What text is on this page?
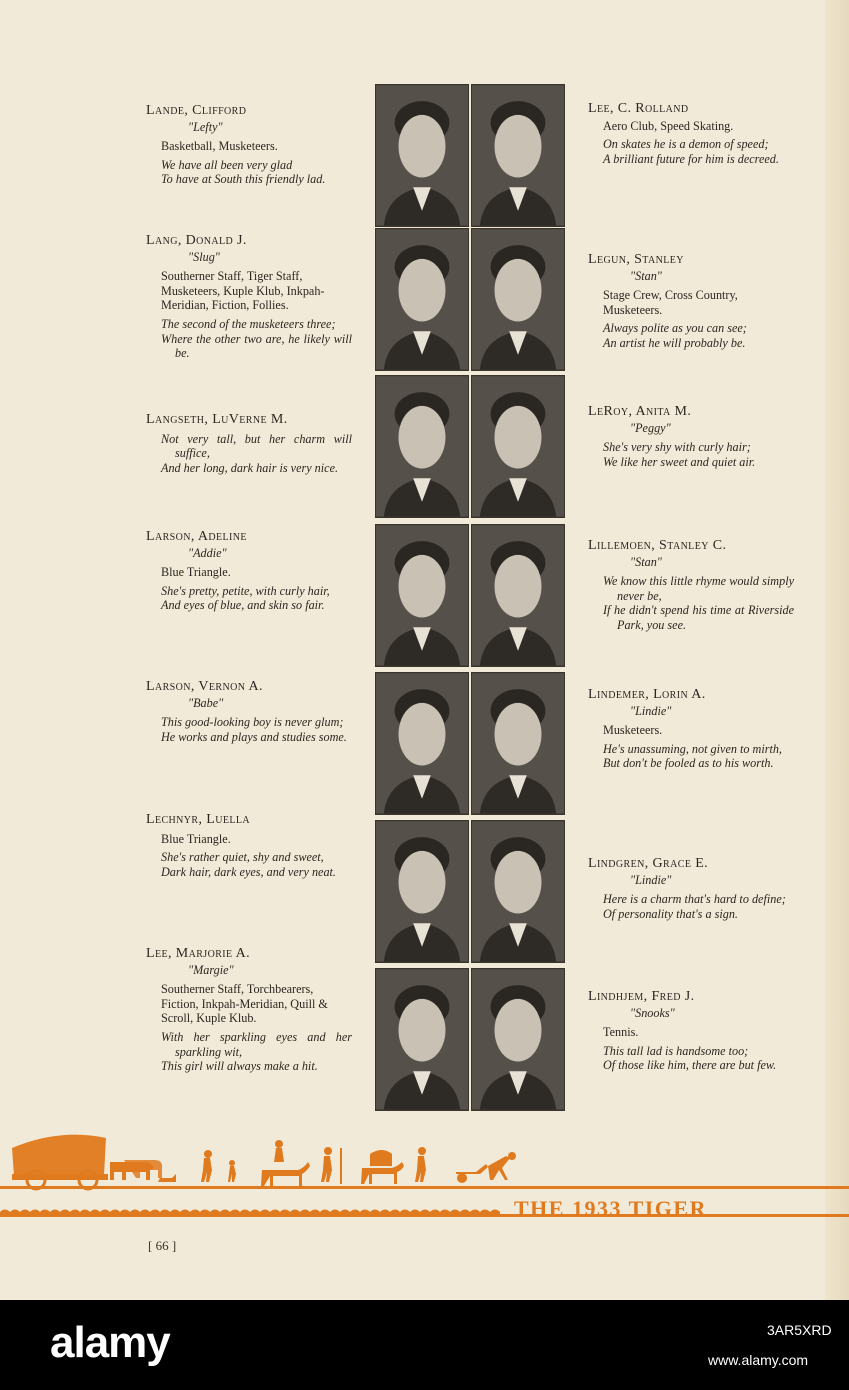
Lande, Clifford
"Lefty"
Basketball, Musketeers.
We have all been very glad
To have at South this friendly lad.
Lang, Donald J.
"Slug"
Southerner Staff, Tiger Staff, Musketeers, Kuple Klub, Inkpah-Meridian, Fiction, Follies.
The second of the musketeers three;
Where the other two are, he likely will be.
Langseth, LuVerne M.
Not very tall, but her charm will suffice,
And her long, dark hair is very nice.
Larson, Adeline
"Addie"
Blue Triangle.
She's pretty, petite, with curly hair,
And eyes of blue, and skin so fair.
Larson, Vernon A.
"Babe"
This good-looking boy is never glum;
He works and plays and studies some.
Lechnyr, Luella
Blue Triangle.
She's rather quiet, shy and sweet,
Dark hair, dark eyes, and very neat.
Lee, Marjorie A.
"Margie"
Southerner Staff, Torchbearers, Fiction, Inkpah-Meridian, Quill & Scroll, Kuple Klub.
With her sparkling eyes and her sparkling wit,
This girl will always make a hit.
Lee, C. Rolland
Aero Club, Speed Skating.
On skates he is a demon of speed;
A brilliant future for him is decreed.
Legun, Stanley
"Stan"
Stage Crew, Cross Country, Musketeers.
Always polite as you can see;
An artist he will probably be.
LeRoy, Anita M.
"Peggy"
She's very shy with curly hair;
We like her sweet and quiet air.
Lillemoen, Stanley C.
"Stan"
We know this little rhyme would simply never be,
If he didn't spend his time at Riverside Park, you see.
Lindemer, Lorin A.
"Lindie"
Musketeers.
He's unassuming, not given to mirth,
But don't be fooled as to his worth.
Lindgren, Grace E.
"Lindie"
Here is a charm that's hard to define;
Of personality that's a sign.
Lindhjem, Fred J.
"Snooks"
Tennis.
This tall lad is handsome too;
Of those like him, there are but few.
THE 1933 TIGER
[ 66 ]
alamy	3AR5XRD
www.alamy.com
